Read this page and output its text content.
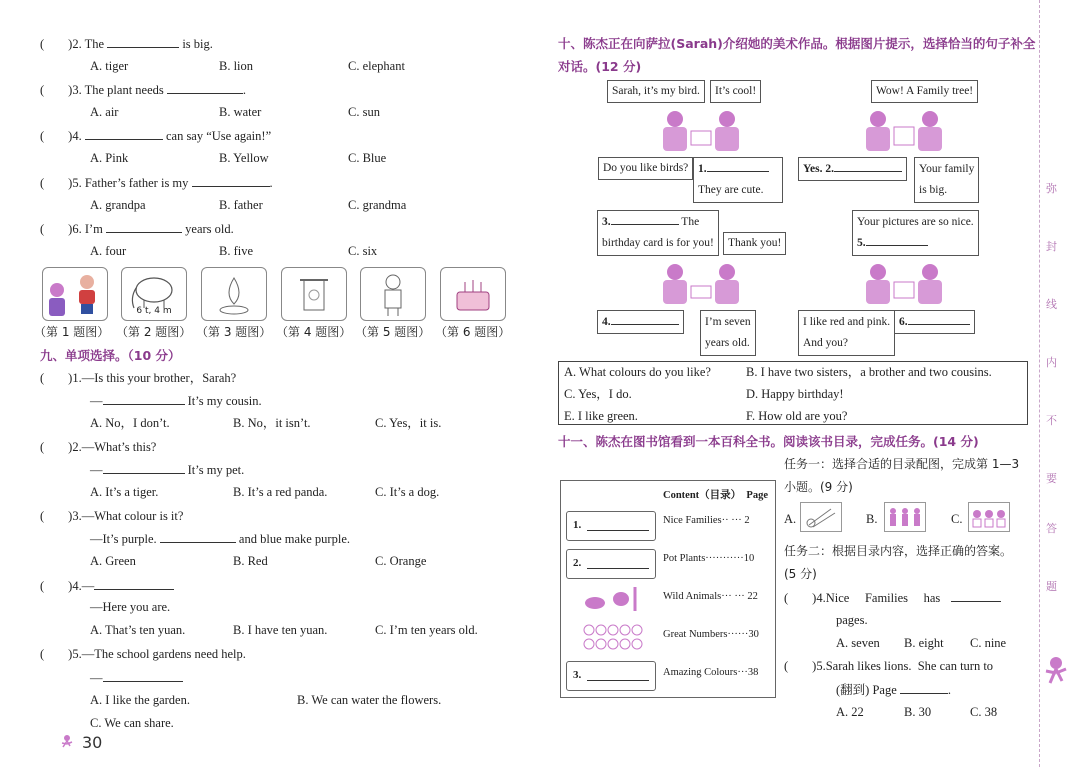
( )2. The	is big.
A. tiger	B. lion	C. elephant
( )3. The plant needs	.
A. air	B. water	C. sun
( )4.	can say “Use again!”
A. Pink	B. Yellow	C. Blue
( )5. Father’s father is my	.
A. grandpa	B. father	C. grandma
( )6. I’m	years old.
A. four	B. five	C. six
6 t, 4 m
（第 1 题图） （第 2 题图） （第 3 题图） （第 4 题图） （第 5 题图） （第 6 题图）
九、单项选择。（10 分）
( )1.—Is this your brother，Sarah?
—	It’s my cousin.
A. No，I don’t.	B. No，it isn’t.	C. Yes，it is.
( )2.—What’s this?
—	It’s my pet.
A. It’s a tiger.	B. It’s a red panda.	C. It’s a dog.
( )3.—What colour is it?
—It’s purple.	and blue make purple.
A. Green	B. Red	C. Orange
( )4.—
—Here you are.
A. That’s ten yuan.	B. I have ten yuan.	C. I’m ten years old.
( )5.—The school gardens need help.
—
A. I like the garden.	B. We can water the flowers.
C. We can share.
30
十、陈杰正在向萨拉(Sarah)介绍她的美术作品。根据图片提示，选择恰当的句子补全
对话。(12 分)
Sarah, it’s my bird.	It’s cool!
Do you like birds? 1.
They are cute.
Wow! A Family tree!
Yes. 2.	Your family
is big.
3.	The
birthday card is for you!	Thank you!
4.	I’m seven
years old.
Your pictures are so nice.
5.
I like red and pink.
And you?
6.
A. What colours do you like?	B. I have two sisters，a brother and two cousins.
C. Yes，I do.	D. Happy birthday!
E. I like green.	F. How old are you?
十一、陈杰在图书馆看到一本百科全书。阅读该书目录，完成任务。(14 分)
Content（目录） Page
1.	Nice Families·· ··· 2
2.	Pot Plants···········10
Wild Animals··· ··· 22
Great Numbers······30
3.	Amazing Colours···38
任务一：选择合适的目录配图，完成第 1—3
小题。(9 分)
A.	B.	C.
任务二：根据目录内容，选择正确的答案。
(5 分)
( )4.Nice     Families     has
pages.
A. seven B. eight C. nine
( )5.Sarah likes lions.  She can turn to
(翻到) Page	.
A. 22	B. 30	C. 38
弥
封
线
内
不
要
答
题
